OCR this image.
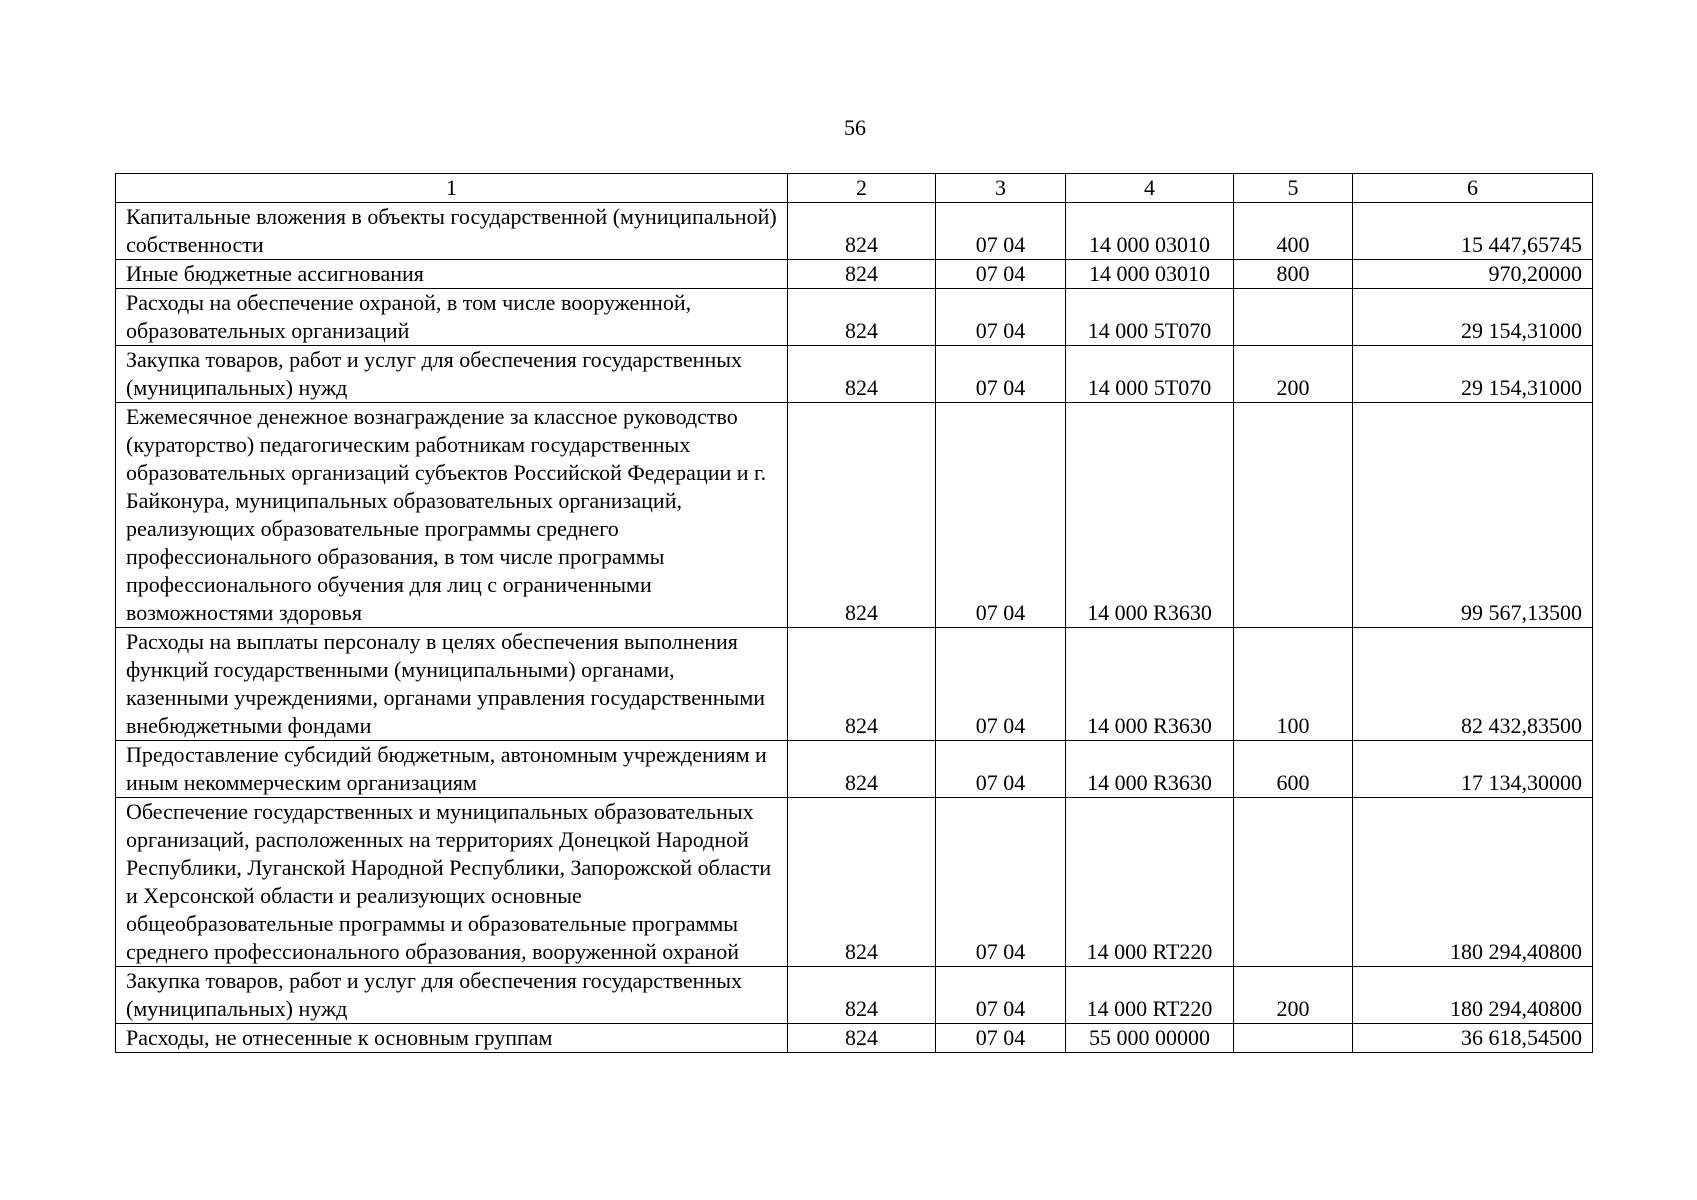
56
1	2	3	4	5	6
Капитальные вложения в объекты государственной (муниципальной) собственности	824	07 04	14 000 03010	400	15 447,65745
Иные бюджетные ассигнования	824	07 04	14 000 03010	800	970,20000
Расходы на обеспечение охраной, в том числе вооруженной, образовательных организаций	824	07 04	14 000 5Т070		29 154,31000
Закупка товаров, работ и услуг для обеспечения государственных (муниципальных) нужд	824	07 04	14 000 5Т070	200	29 154,31000
Ежемесячное денежное вознаграждение за классное руководство (кураторство) педагогическим работникам государственных образовательных организаций субъектов Российской Федерации и г. Байконура, муниципальных образовательных организаций, реализующих образовательные программы среднего профессионального образования, в том числе программы профессионального обучения для лиц с ограниченными возможностями здоровья	824	07 04	14 000 R3630		99 567,13500
Расходы на выплаты персоналу в целях обеспечения выполнения функций государственными (муниципальными) органами, казенными учреждениями, органами управления государственными внебюджетными фондами	824	07 04	14 000 R3630	100	82 432,83500
Предоставление субсидий бюджетным, автономным учреждениям и иным некоммерческим организациям	824	07 04	14 000 R3630	600	17 134,30000
Обеспечение государственных и муниципальных образовательных организаций, расположенных на территориях Донецкой Народной Республики, Луганской Народной Республики, Запорожской области и Херсонской области и реализующих основные общеобразовательные программы и образовательные программы среднего профессионального образования, вооруженной охраной	824	07 04	14 000 RT220		180 294,40800
Закупка товаров, работ и услуг для обеспечения государственных (муниципальных) нужд	824	07 04	14 000 RT220	200	180 294,40800
Расходы, не отнесенные к основным группам	824	07 04	55 000 00000		36 618,54500
